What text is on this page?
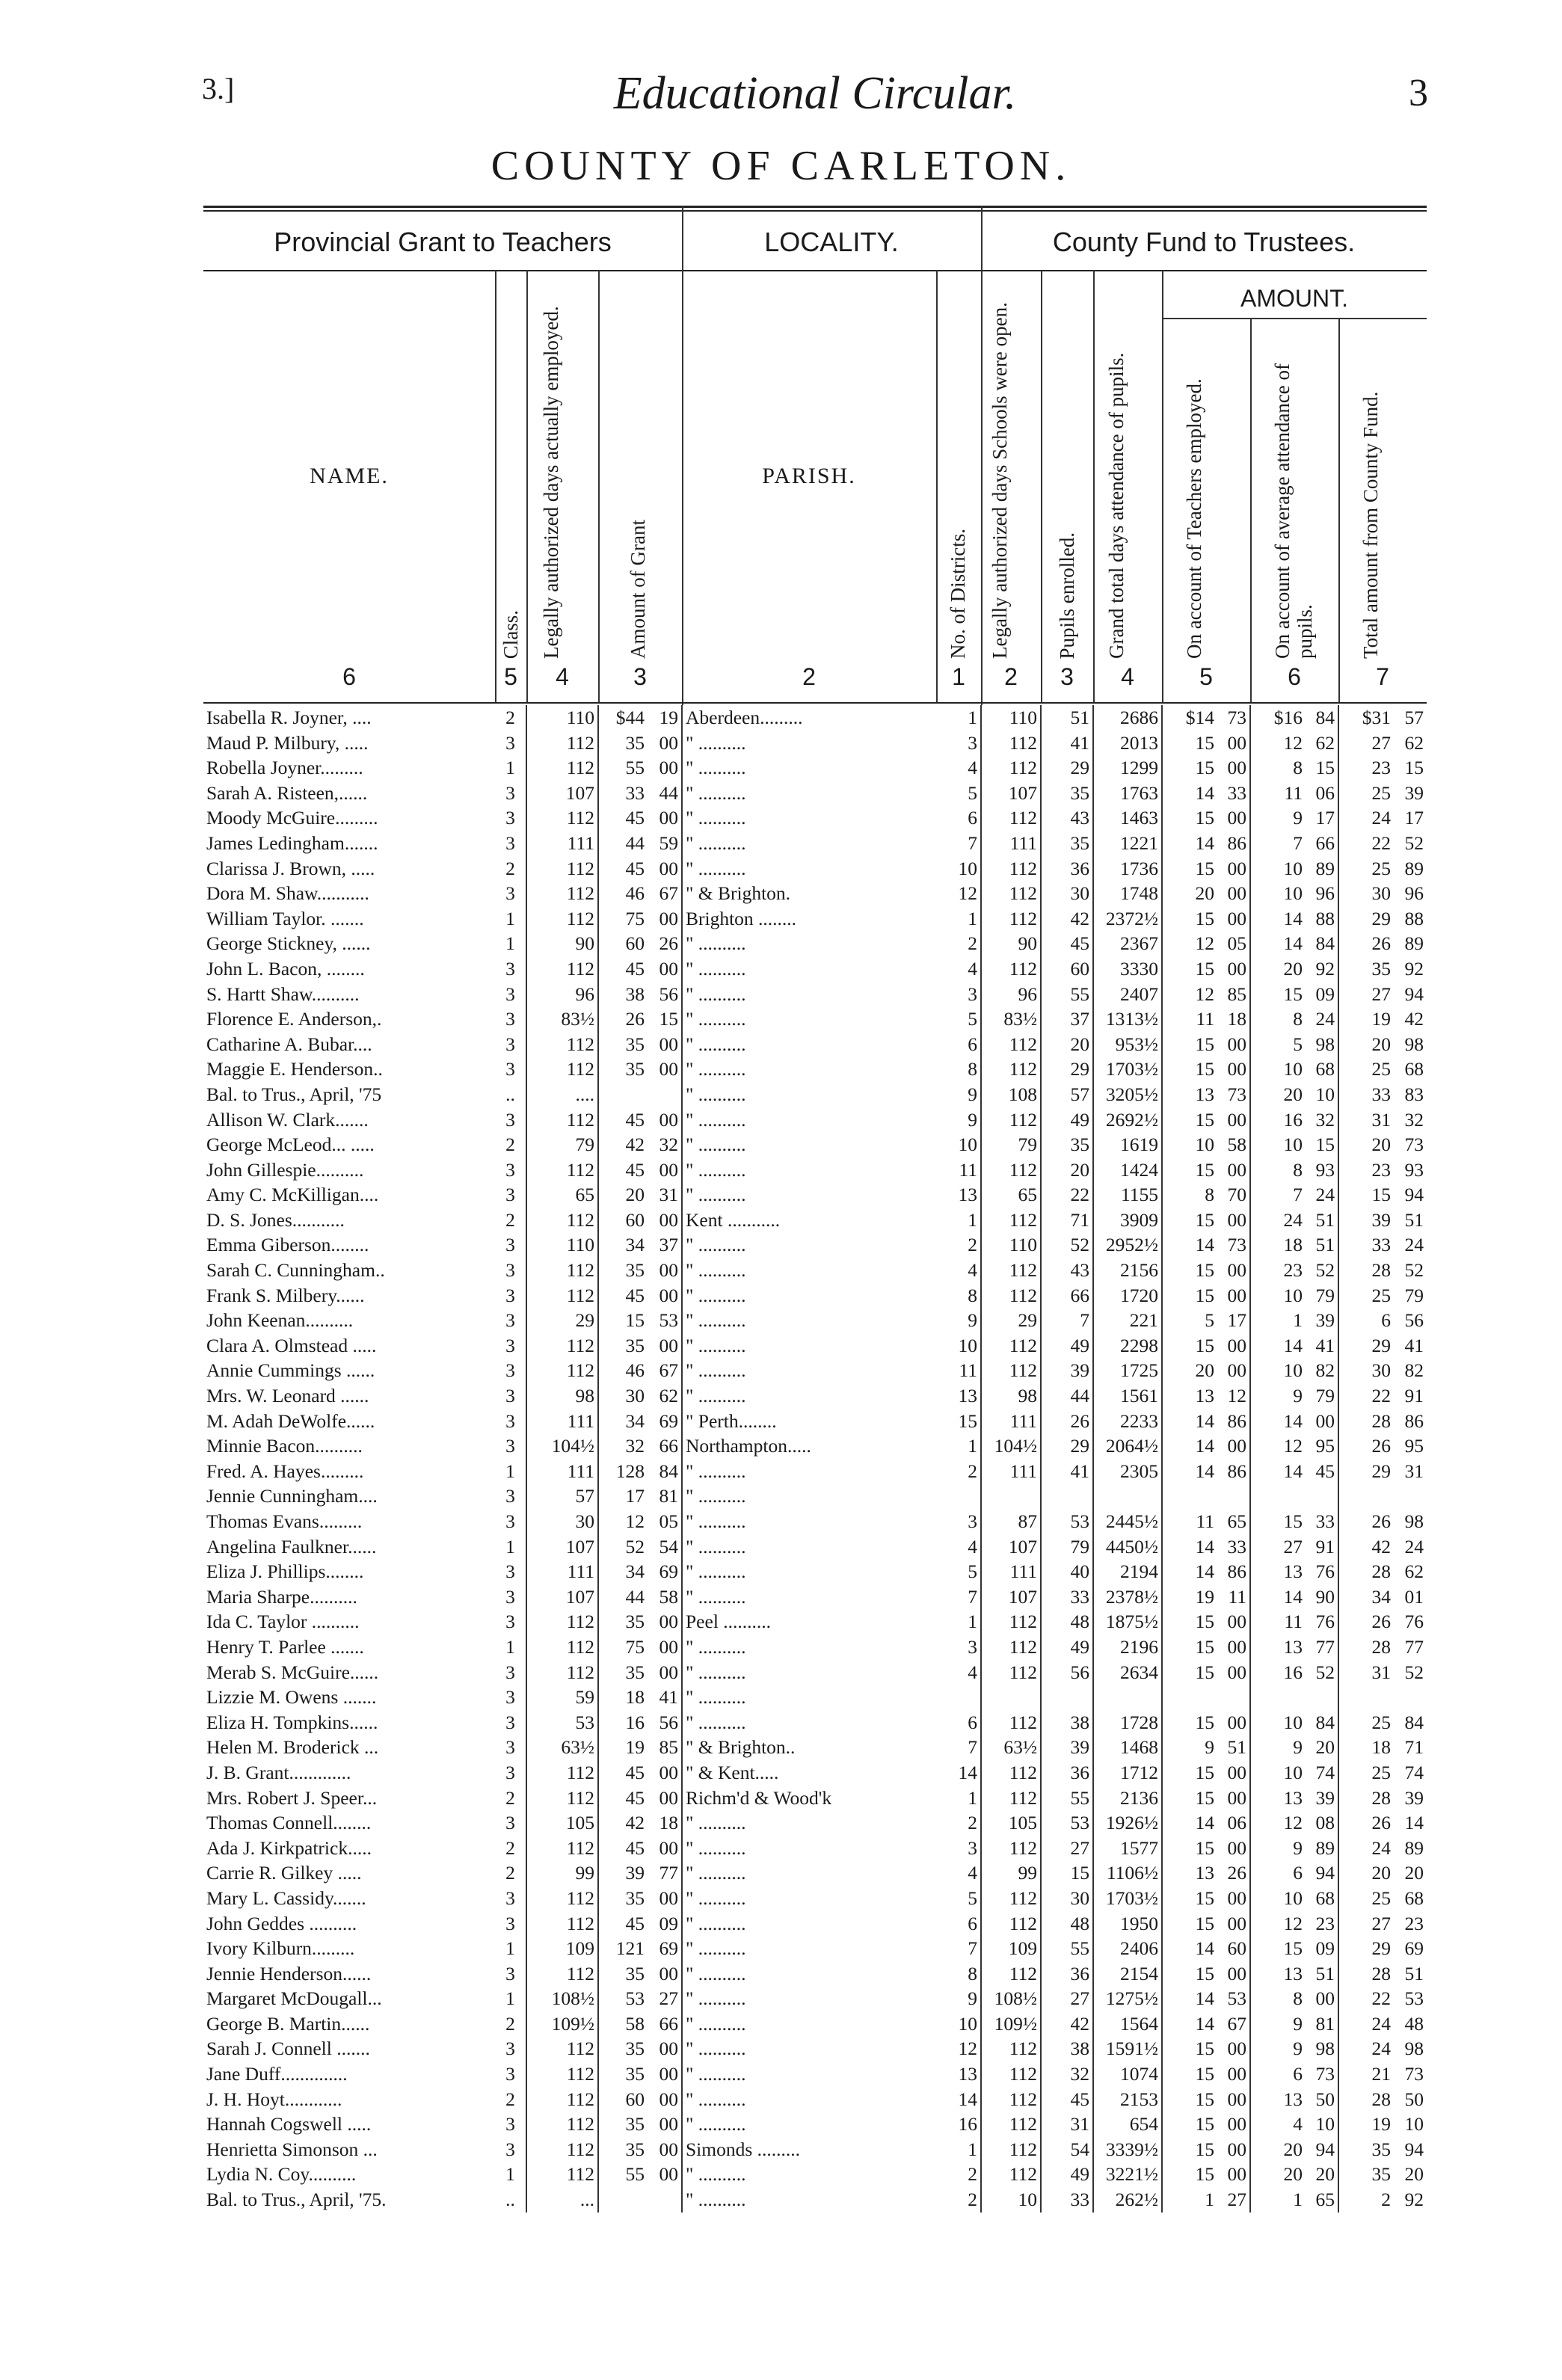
3.]	Educational Circular.	3
COUNTY OF CARLETON.
Provincial Grant to Teachers	LOCALITY.	County Fund to Trustees.
AMOUNT.
NAME.	PARISH.
Class. Legally authorized days actually employed.	Amount of Grant	No. of Districts. Legally authorized days Schools were open. Pupils enrolled. Grand total days attendance of pupils.	On account of Teachers employed.	On account of average attendance of pupils. Total amount from County Fund.
6	5	4	3	2	1	2	3	4	5	6	7
Isabella R. Joyner, ....	2	110	$44	19	Aberdeen.........	1	110	51	2686	$14	73	$16	84	$31	57
Maud P. Milbury, .....	3	112	35	00	" ..........	3	112	41	2013	15	00	12	62	27	62
Robella Joyner.........	1	112	55	00	" ..........	4	112	29	1299	15	00	8	15	23	15
Sarah A. Risteen,......	3	107	33	44	" ..........	5	107	35	1763	14	33	11	06	25	39
Moody McGuire.........	3	112	45	00	" ..........	6	112	43	1463	15	00	9	17	24	17
James Ledingham.......	3	111	44	59	" ..........	7	111	35	1221	14	86	7	66	22	52
Clarissa J. Brown, .....	2	112	45	00	" ..........	10	112	36	1736	15	00	10	89	25	89
Dora M. Shaw...........	3	112	46	67	" & Brighton.	12	112	30	1748	20	00	10	96	30	96
William Taylor. .......	1	112	75	00	Brighton ........	1	112	42	2372½	15	00	14	88	29	88
George Stickney, ......	1	90	60	26	" ..........	2	90	45	2367	12	05	14	84	26	89
John L. Bacon, ........	3	112	45	00	" ..........	4	112	60	3330	15	00	20	92	35	92
S. Hartt Shaw..........	3	96	38	56	" ..........	3	96	55	2407	12	85	15	09	27	94
Florence E. Anderson,.	3	83½	26	15	" ..........	5	83½	37	1313½	11	18	8	24	19	42
Catharine A. Bubar....	3	112	35	00	" ..........	6	112	20	953½	15	00	5	98	20	98
Maggie E. Henderson..	3	112	35	00	" ..........	8	112	29	1703½	15	00	10	68	25	68
Bal. to Trus., April, '75	..	....			" ..........	9	108	57	3205½	13	73	20	10	33	83
Allison W. Clark.......	3	112	45	00	" ..........	9	112	49	2692½	15	00	16	32	31	32
George McLeod... .....	2	79	42	32	" ..........	10	79	35	1619	10	58	10	15	20	73
John Gillespie..........	3	112	45	00	" ..........	11	112	20	1424	15	00	8	93	23	93
Amy C. McKilligan....	3	65	20	31	" ..........	13	65	22	1155	8	70	7	24	15	94
D. S. Jones...........	2	112	60	00	Kent ...........	1	112	71	3909	15	00	24	51	39	51
Emma Giberson........	3	110	34	37	" ..........	2	110	52	2952½	14	73	18	51	33	24
Sarah C. Cunningham..	3	112	35	00	" ..........	4	112	43	2156	15	00	23	52	28	52
Frank S. Milbery......	3	112	45	00	" ..........	8	112	66	1720	15	00	10	79	25	79
John Keenan..........	3	29	15	53	" ..........	9	29	7	221	5	17	1	39	6	56
Clara A. Olmstead .....	3	112	35	00	" ..........	10	112	49	2298	15	00	14	41	29	41
Annie Cummings ......	3	112	46	67	" ..........	11	112	39	1725	20	00	10	82	30	82
Mrs. W. Leonard ......	3	98	30	62	" ..........	13	98	44	1561	13	12	9	79	22	91
M. Adah DeWolfe......	3	111	34	69	" Perth........	15	111	26	2233	14	86	14	00	28	86
Minnie Bacon..........	3	104½	32	66	Northampton.....	1	104½	29	2064½	14	00	12	95	26	95
Fred. A. Hayes.........	1	111	128	84	" ..........	2	111	41	2305	14	86	14	45	29	31
Jennie Cunningham....	3	57	17	81	" ..........										
Thomas Evans.........	3	30	12	05	" ..........	3	87	53	2445½	11	65	15	33	26	98
Angelina Faulkner......	1	107	52	54	" ..........	4	107	79	4450½	14	33	27	91	42	24
Eliza J. Phillips........	3	111	34	69	" ..........	5	111	40	2194	14	86	13	76	28	62
Maria Sharpe..........	3	107	44	58	" ..........	7	107	33	2378½	19	11	14	90	34	01
Ida C. Taylor ..........	3	112	35	00	Peel ..........	1	112	48	1875½	15	00	11	76	26	76
Henry T. Parlee .......	1	112	75	00	" ..........	3	112	49	2196	15	00	13	77	28	77
Merab S. McGuire......	3	112	35	00	" ..........	4	112	56	2634	15	00	16	52	31	52
Lizzie M. Owens .......	3	59	18	41	" ..........										
Eliza H. Tompkins......	3	53	16	56	" ..........	6	112	38	1728	15	00	10	84	25	84
Helen M. Broderick ...	3	63½	19	85	" & Brighton..	7	63½	39	1468	9	51	9	20	18	71
J. B. Grant.............	3	112	45	00	" & Kent.....	14	112	36	1712	15	00	10	74	25	74
Mrs. Robert J. Speer...	2	112	45	00	Richm'd & Wood'k	1	112	55	2136	15	00	13	39	28	39
Thomas Connell........	3	105	42	18	" ..........	2	105	53	1926½	14	06	12	08	26	14
Ada J. Kirkpatrick.....	2	112	45	00	" ..........	3	112	27	1577	15	00	9	89	24	89
Carrie R. Gilkey .....	2	99	39	77	" ..........	4	99	15	1106½	13	26	6	94	20	20
Mary L. Cassidy.......	3	112	35	00	" ..........	5	112	30	1703½	15	00	10	68	25	68
John Geddes ..........	3	112	45	09	" ..........	6	112	48	1950	15	00	12	23	27	23
Ivory Kilburn.........	1	109	121	69	" ..........	7	109	55	2406	14	60	15	09	29	69
Jennie Henderson......	3	112	35	00	" ..........	8	112	36	2154	15	00	13	51	28	51
Margaret McDougall...	1	108½	53	27	" ..........	9	108½	27	1275½	14	53	8	00	22	53
George B. Martin......	2	109½	58	66	" ..........	10	109½	42	1564	14	67	9	81	24	48
Sarah J. Connell .......	3	112	35	00	" ..........	12	112	38	1591½	15	00	9	98	24	98
Jane Duff..............	3	112	35	00	" ..........	13	112	32	1074	15	00	6	73	21	73
J. H. Hoyt............	2	112	60	00	" ..........	14	112	45	2153	15	00	13	50	28	50
Hannah Cogswell .....	3	112	35	00	" ..........	16	112	31	654	15	00	4	10	19	10
Henrietta Simonson ...	3	112	35	00	Simonds .........	1	112	54	3339½	15	00	20	94	35	94
Lydia N. Coy..........	1	112	55	00	" ..........	2	112	49	3221½	15	00	20	20	35	20
Bal. to Trus., April, '75.	..	...			" ..........	2	10	33	262½	1	27	1	65	2	92
